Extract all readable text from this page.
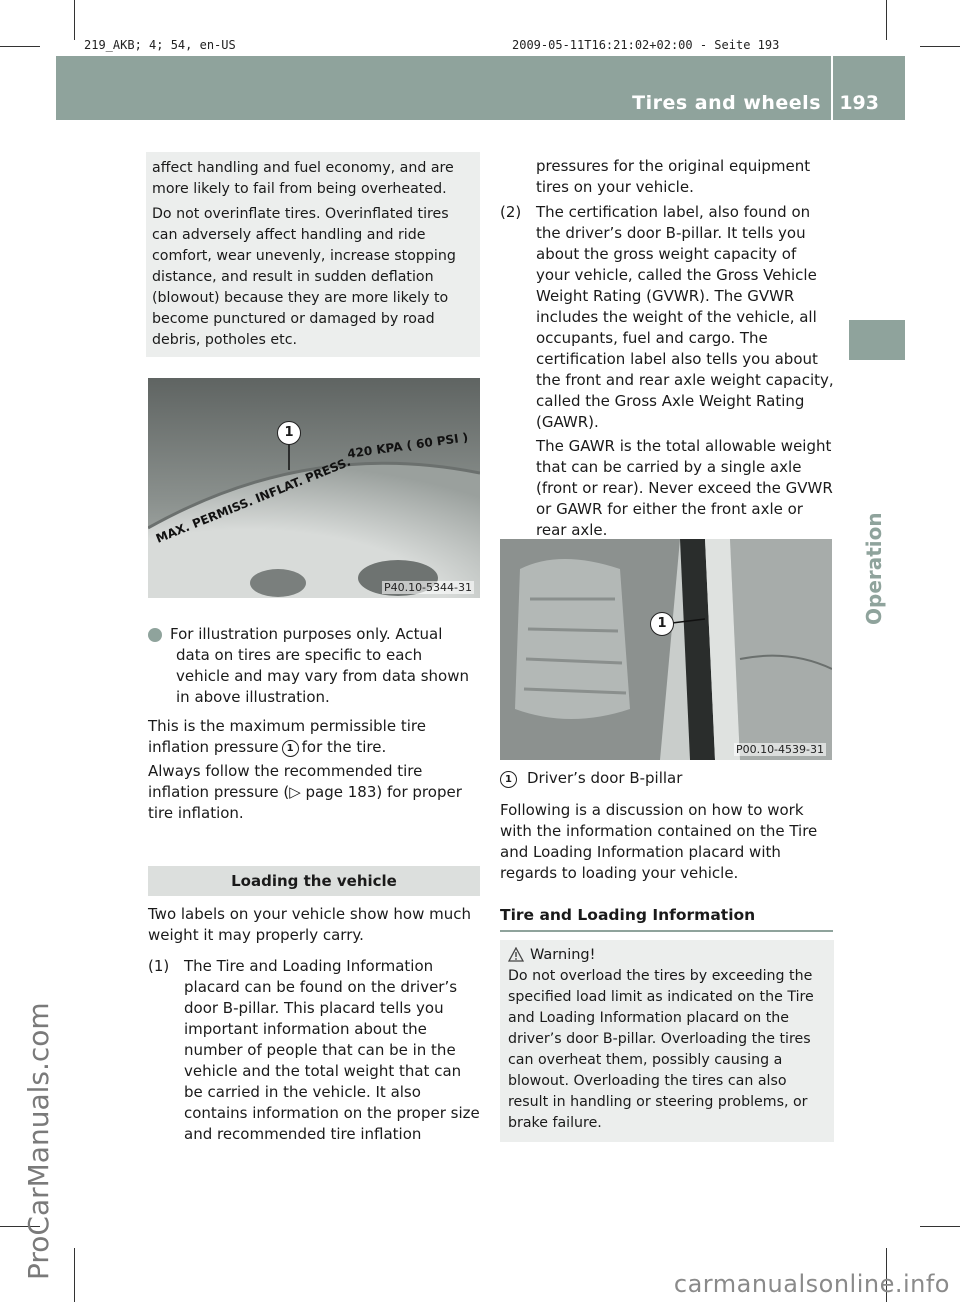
219_AKB; 4; 54, en-US

	2009-05-11T16:21:02+02:00 - Seite 193

Tires and wheels 193
Operation
ProCarManuals.com
carmanualsonline.info

affect handling and fuel economy, and are more likely to fail from being overheated.

Do not overinflate tires. Overinflated tires can adversely affect handling and ride comfort, wear unevenly, increase stopping distance, and result in sudden deflation (blowout) because they are more likely to become punctured or damaged by road debris, potholes etc.

MAX. PERMISS. INFLAT. PRESS.
420 KPA ( 60 PSI )
1
P40.10-5344-31

i For illustration purposes only. Actual data on tires are specific to each vehicle and may vary from data shown in above illustration.

This is the maximum permissible tire inflation pressure 1 for the tire.

Always follow the recommended tire inflation pressure (▷ page 183) for proper tire inflation.

Loading the vehicle

Two labels on your vehicle show how much weight it may properly carry.

(1) The Tire and Loading Information placard can be found on the driver’s door B-pillar. This placard tells you important information about the number of people that can be in the vehicle and the total weight that can be carried in the vehicle. It also contains information on the proper size and recommended tire inflation
pressures for the original equipment tires on your vehicle.
(2) The certification label, also found on the driver’s door B-pillar. It tells you about the gross weight capacity of your vehicle, called the Gross Vehicle Weight Rating (GVWR). The GVWR includes the weight of the vehicle, all occupants, fuel and cargo. The certification label also tells you about the front and rear axle weight capacity, called the Gross Axle Weight Rating (GAWR).
The GAWR is the total allowable weight that can be carried by a single axle (front or rear). Never exceed the GVWR or GAWR for either the front axle or rear axle.
1
P00.10-4539-31
1 Driver’s door B-pillar
Following is a discussion on how to work with the information contained on the Tire and Loading Information placard with regards to loading your vehicle.
Tire and Loading Information
Warning!

Do not overload the tires by exceeding the specified load limit as indicated on the Tire and Loading Information placard on the driver’s door B-pillar. Overloading the tires can overheat them, possibly causing a blowout. Overloading the tires can also result in handling or steering problems, or brake failure.
